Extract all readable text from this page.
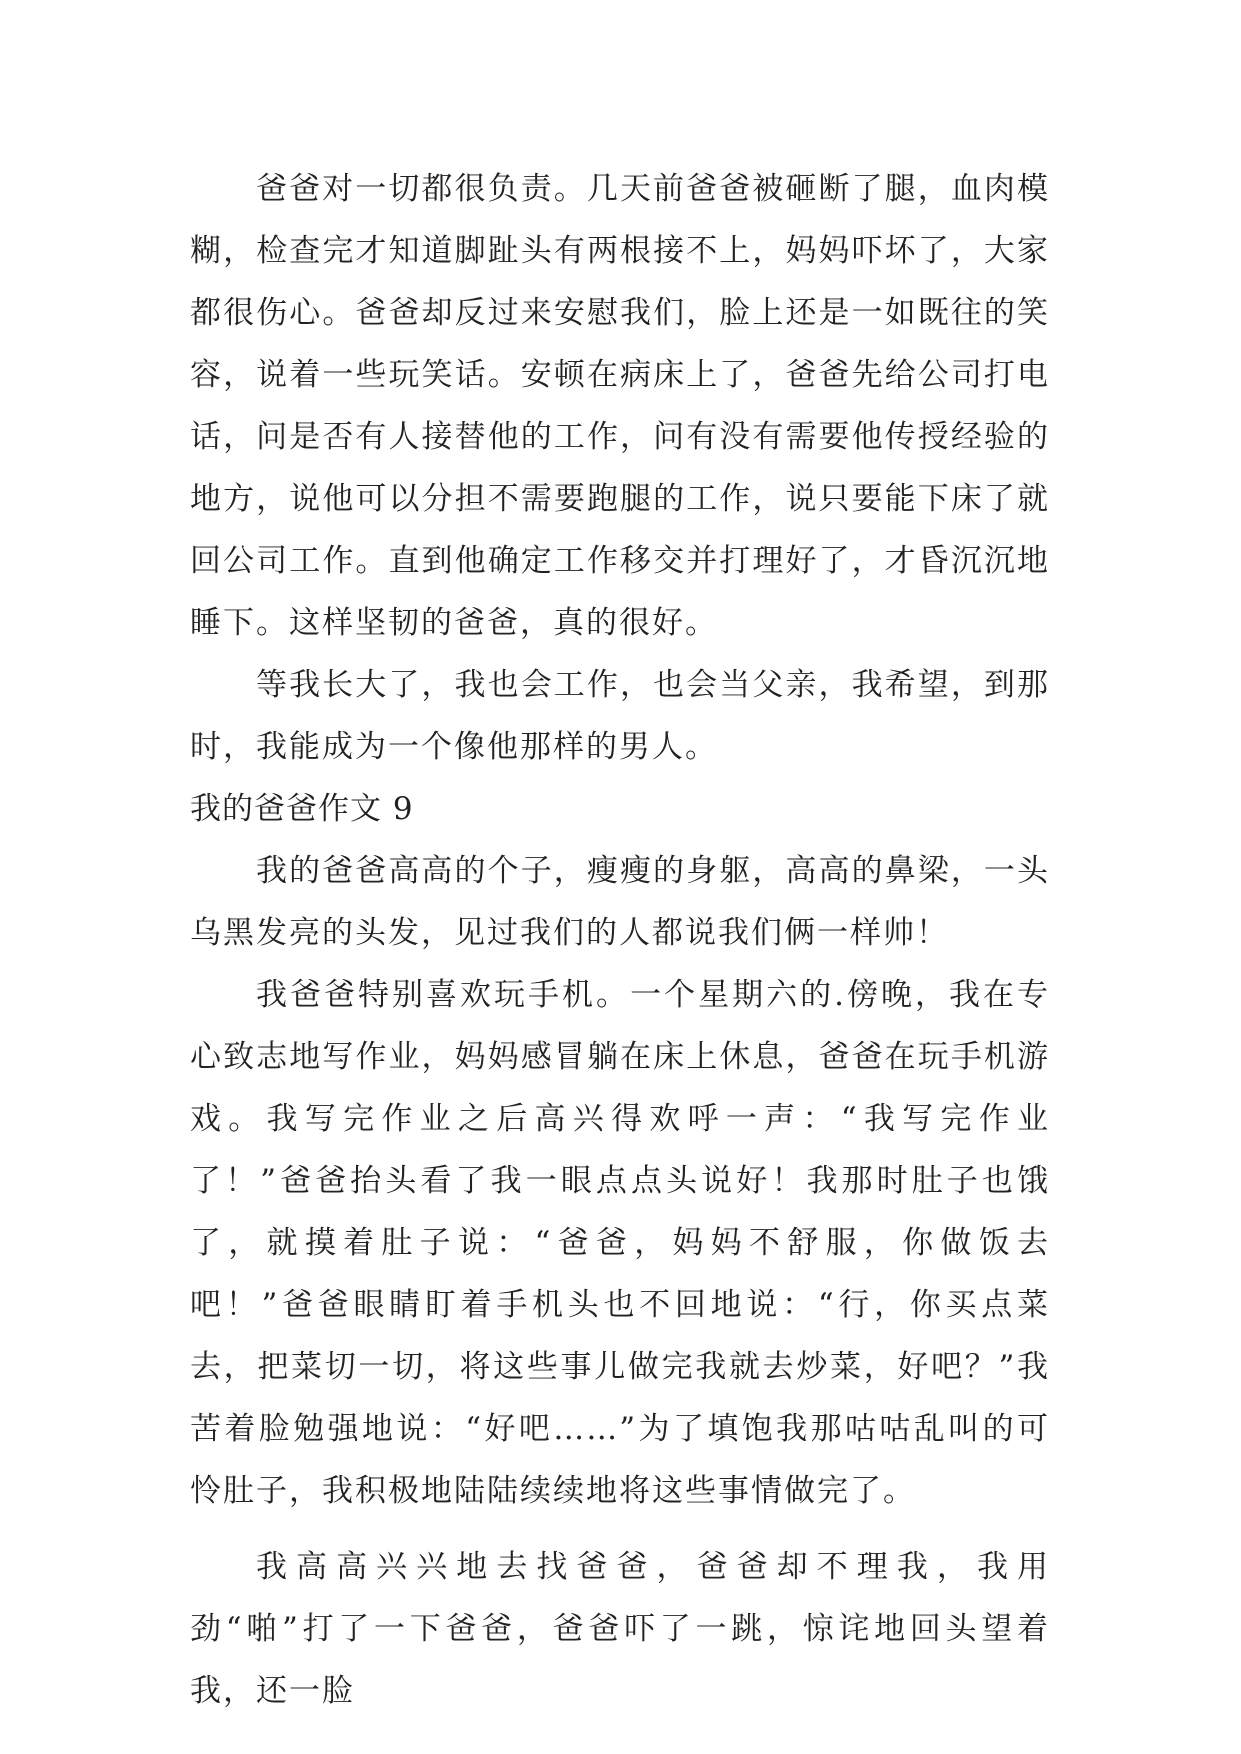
爸爸对一切都很负责。几天前爸爸被砸断了腿，血肉模糊，检查完才知道脚趾头有两根接不上，妈妈吓坏了，大家都很伤心。爸爸却反过来安慰我们，脸上还是一如既往的笑容，说着一些玩笑话。安顿在病床上了，爸爸先给公司打电话，问是否有人接替他的工作，问有没有需要他传授经验的地方，说他可以分担不需要跑腿的工作，说只要能下床了就回公司工作。直到他确定工作移交并打理好了，才昏沉沉地睡下。这样坚韧的爸爸，真的很好。

等我长大了，我也会工作，也会当父亲，我希望，到那时，我能成为一个像他那样的男人。

我的爸爸作文 9

我的爸爸高高的个子，瘦瘦的身躯，高高的鼻梁，一头乌黑发亮的头发，见过我们的人都说我们俩一样帅！

我爸爸特别喜欢玩手机。一个星期六的.傍晚，我在专心致志地写作业，妈妈感冒躺在床上休息，爸爸在玩手机游戏。我写完作业之后高兴得欢呼一声：“我写完作业了！”爸爸抬头看了我一眼点点头说好！我那时肚子也饿了，就摸着肚子说：“爸爸，妈妈不舒服，你做饭去吧！”爸爸眼睛盯着手机头也不回地说：“行，你买点菜去，把菜切一切，将这些事儿做完我就去炒菜，好吧？”我苦着脸勉强地说：“好吧……”为了填饱我那咕咕乱叫的可怜肚子，我积极地陆陆续续地将这些事情做完了。

我高高兴兴地去找爸爸，爸爸却不理我，我用劲“啪”打了一下爸爸，爸爸吓了一跳，惊诧地回头望着我，还一脸
